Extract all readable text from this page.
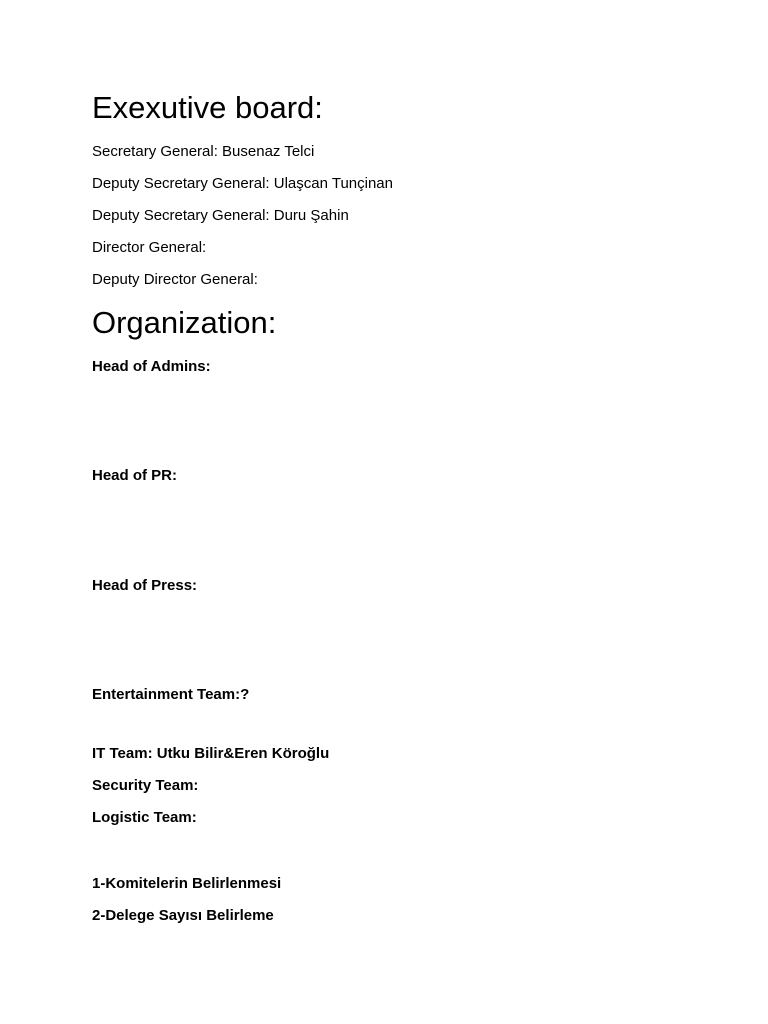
Exexutive board:

Secretary General: Busenaz Telci

Deputy Secretary General: Ulaşcan Tunçinan

Deputy Secretary General: Duru Şahin

Director General:

Deputy Director General:

Organization:

Head of Admins:

Head of PR:

Head of Press:

Entertainment Team:?

IT Team: Utku Bilir&Eren Köroğlu

Security Team:

Logistic Team:

1-Komitelerin Belirlenmesi

2-Delege Sayısı Belirleme
